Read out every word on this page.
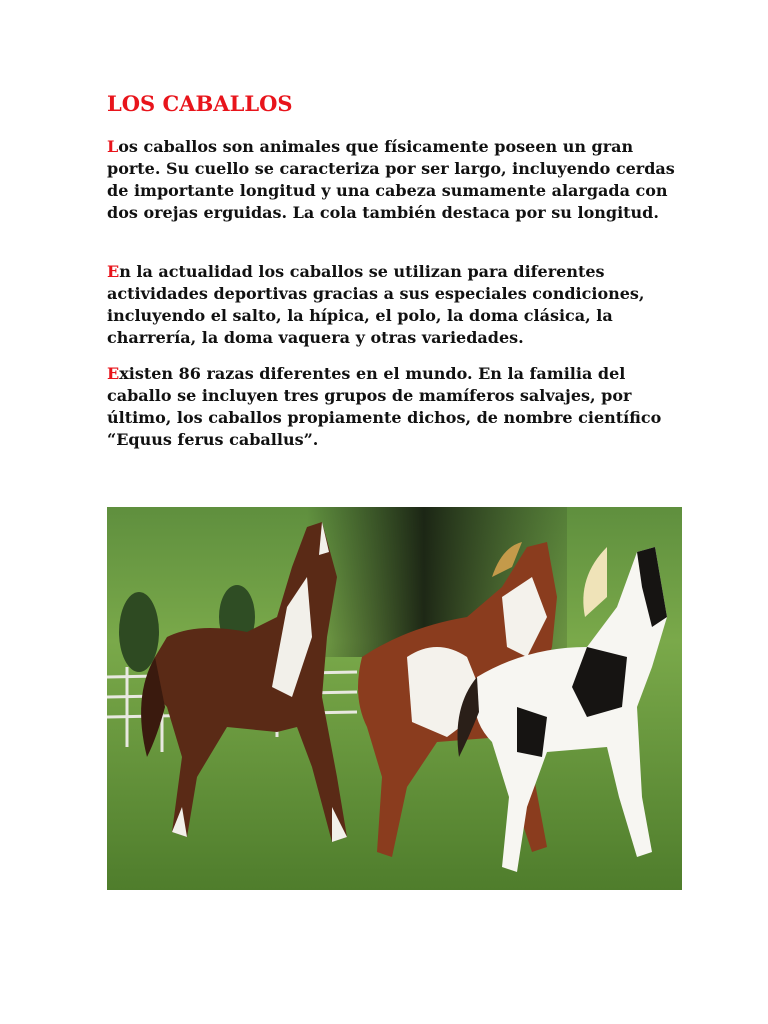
LOS CABALLOS

Los caballos son animales que físicamente poseen un gran porte. Su cuello se caracteriza por ser largo, incluyendo cerdas de importante longitud y una cabeza sumamente alargada con dos orejas erguidas. La cola también destaca por su longitud.

En la actualidad los caballos se utilizan para diferentes actividades deportivas gracias a sus especiales condiciones, incluyendo el salto, la hípica, el polo, la doma clásica, la charrería, la doma vaquera y otras variedades.

Existen 86 razas diferentes en el mundo. En la familia del caballo se incluyen tres grupos de mamíferos salvajes, por último, los caballos propiamente dichos, de nombre científico “Equus ferus caballus”.
